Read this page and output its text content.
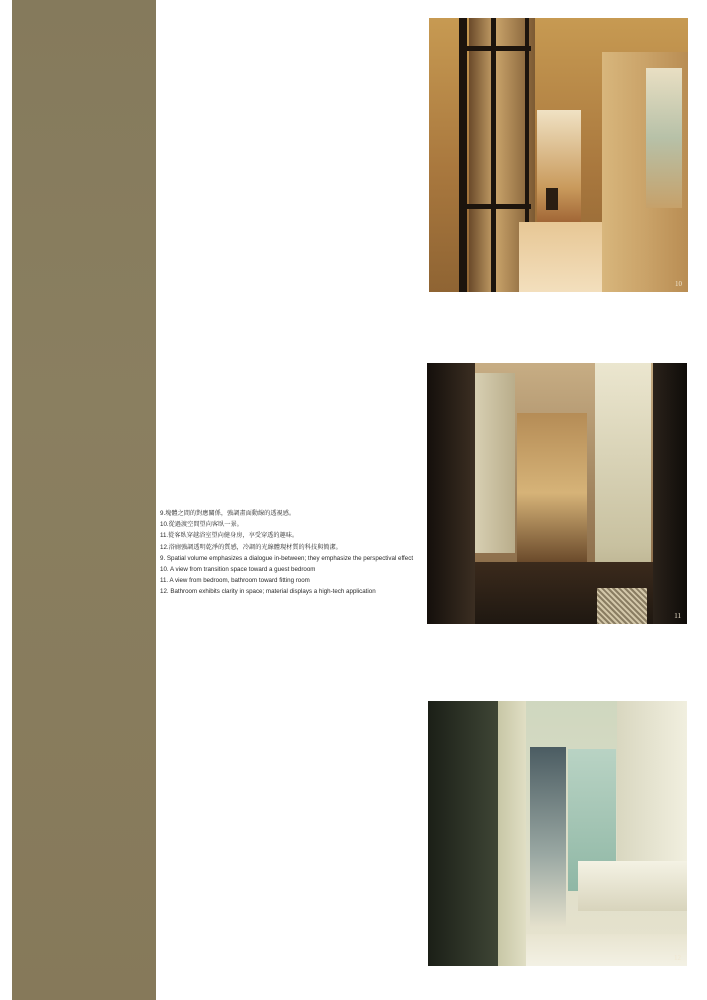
9.塊體之間的對應關係，強調畫面動線的透視感。
10.從過渡空間望向客臥一景。
11.從客臥穿越浴室望向健身房，享受穿透的趣味。
12.浴廁強調透明乾淨的質感，冷調的光線體現材質的科技與簡潔。
9. Spatial volume emphasizes a dialogue in-between; they emphasize the perspectival effect
10. A view from transition space toward a guest bedroom
11. A view from bedroom, bathroom toward fitting room
12. Bathroom exhibits clarity in space; material displays a high-tech application
10
11
12
